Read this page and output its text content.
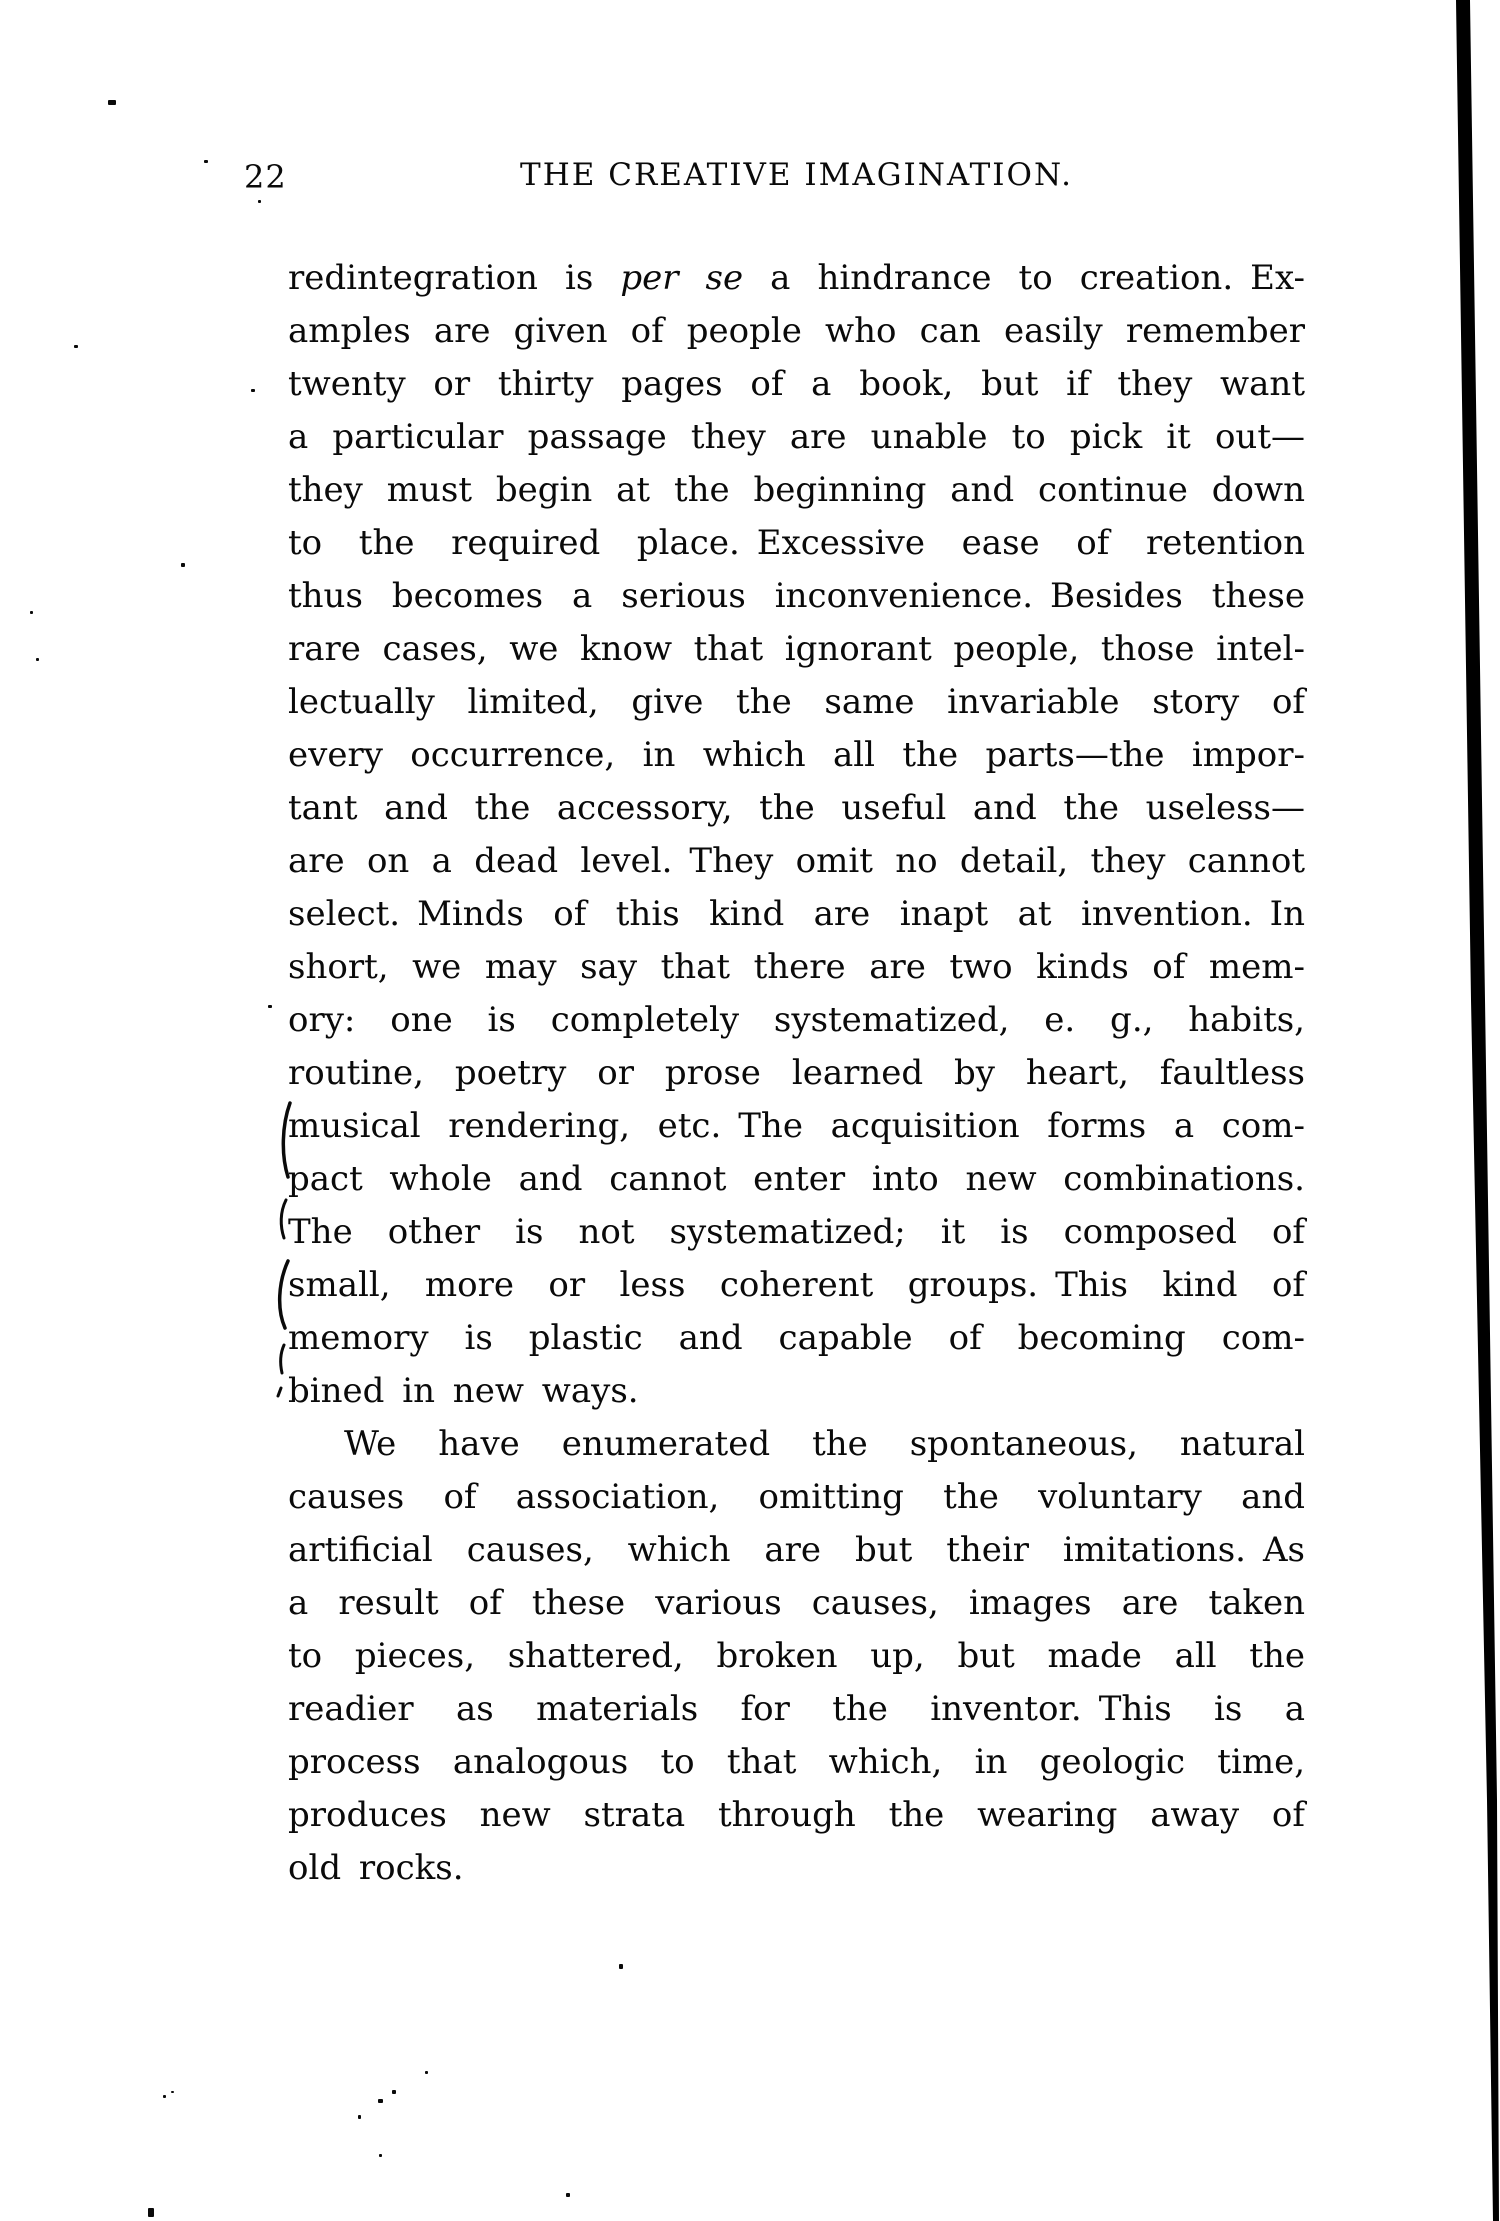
22	THE CREATIVE IMAGINATION.
redintegration is per se a hindrance to creation. Ex-
amples are given of people who can easily remember
twenty or thirty pages of a book, but if they want
a particular passage they are unable to pick it out—
they must begin at the beginning and continue down
to the required place. Excessive ease of retention
thus becomes a serious inconvenience. Besides these
rare cases, we know that ignorant people, those intel-
lectually limited, give the same invariable story of
every occurrence, in which all the parts—the impor-
tant and the accessory, the useful and the useless—
are on a dead level. They omit no detail, they cannot
select. Minds of this kind are inapt at invention. In
short, we may say that there are two kinds of mem-
ory: one is completely systematized, e. g., habits,
routine, poetry or prose learned by heart, faultless
musical rendering, etc. The acquisition forms a com-
pact whole and cannot enter into new combinations.
The other is not systematized; it is composed of
small, more or less coherent groups. This kind of
memory is plastic and capable of becoming com-
bined in new ways.
We have enumerated the spontaneous, natural
causes of association, omitting the voluntary and
artificial causes, which are but their imitations. As
a result of these various causes, images are taken
to pieces, shattered, broken up, but made all the
readier as materials for the inventor. This is a
process analogous to that which, in geologic time,
produces new strata through the wearing away of
old rocks.
